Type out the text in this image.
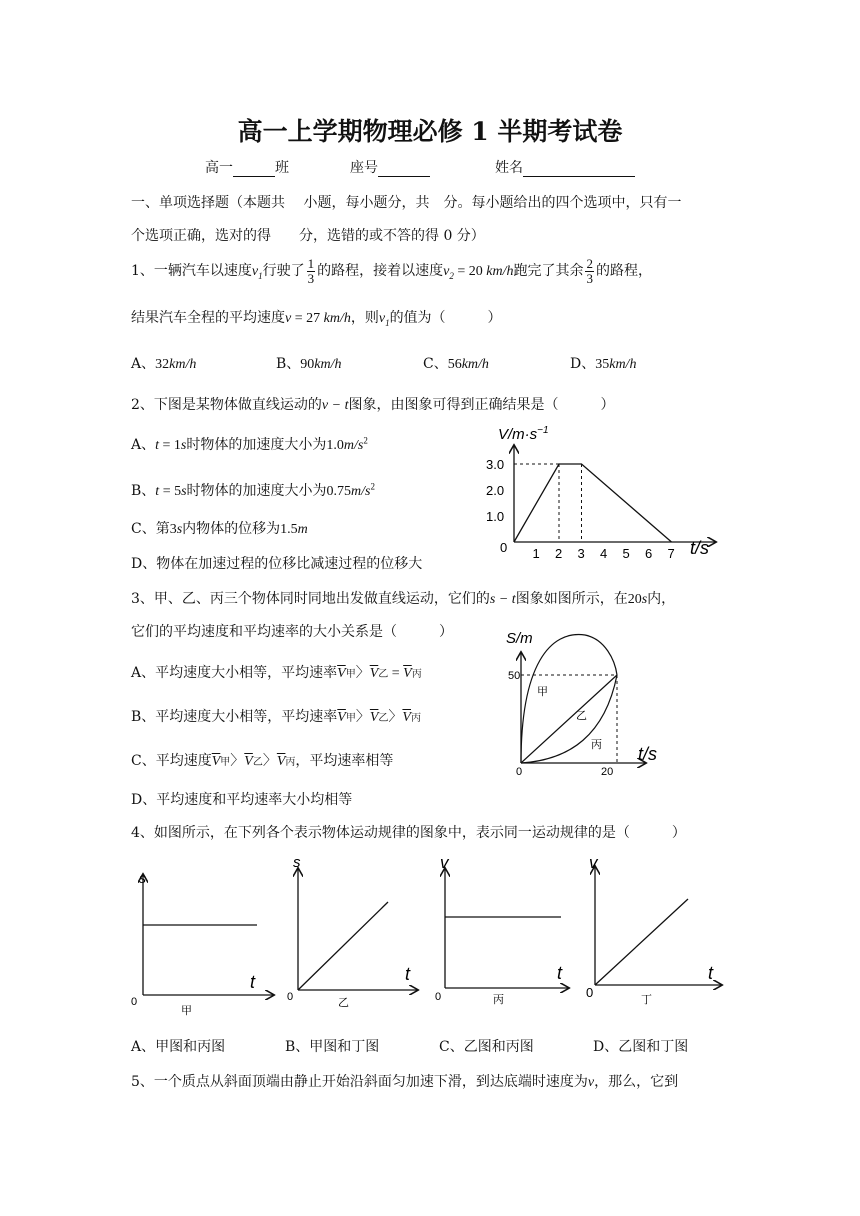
高一上学期物理必修 1 半期考试卷
高一	班	座号	姓名
一、单项选择题（本题共　 小题，每小题分，共　分。每小题给出的四个选项中，只有一
个选项正确，选对的得　　分，选错的或不答的得 0 分）
1、一辆汽车以速度$v_1$行驶了 $\frac{1}{3}$ 的路程，接着以速度$v_2 = 20$ km/h跑完了其余 $\frac{2}{3}$ 的路程，
结果汽车全程的平均速度v = 27 km/h，则$v_1$的值为（　　　）
A、32km/h	B、90km/h	C、56km/h	D、35km/h
2、下图是某物体做直线运动的v − t图象，由图象可得到正确结果是（　　　）
A、t = 1s时物体的加速度大小为$1.0m/s^2$
B、t = 5s时物体的加速度大小为$0.75m/s^2$
C、第3s内物体的位移为1.5m
D、物体在加速过程的位移比减速过程的位移大
$V/m\cdot s^{-1}$
t/s
0 1 2 3 4 5 6 7
1.0
2.0
3.0
3、甲、乙、丙三个物体同时同地出发做直线运动，它们的s − t图象如图所示，在20s内，
它们的平均速度和平均速率的大小关系是（　　　）
A、平均速度大小相等，平均速率$\overline{V}$甲〉$\overline{V}$乙 = $\overline{V}$丙
B、平均速度大小相等，平均速率$\overline{V}$甲〉$\overline{V}$乙〉$\overline{V}$丙
C、平均速度$\overline{V}$甲〉$\overline{V}$乙〉$\overline{V}$丙，平均速率相等
D、平均速度和平均速率大小均相等
S/m
t/s
50
20
0
甲
乙
丙
4、如图所示，在下列各个表示物体运动规律的图象中，表示同一运动规律的是（　　　）
s
t
0
甲
s
t
0	乙
v
t
0	丙
v
t
0	丁
A、甲图和丙图	B、甲图和丁图	C、乙图和丙图	D、乙图和丁图
5、一个质点从斜面顶端由静止开始沿斜面匀加速下滑，到达底端时速度为v，那么，它到
